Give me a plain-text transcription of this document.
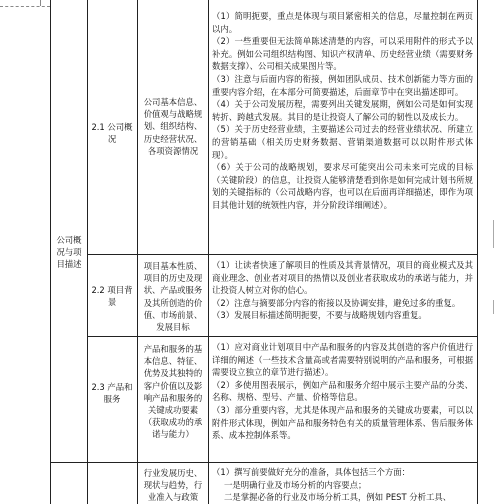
公司概况与项目描述
2.1 公司概况
2.2 项目背景
2.3 产品和服务
公司基本信息、价值观与战略规划、组织结构、历史经营状况、各项资源情况
项目基本性质、项目的历史及现状、产品或服务及其所创造的价值、市场前景、发展目标
产品和服务的基本信息、特征、优势及其独特的客户价值以及影响产品和服务的关键成功要素（获取成功的承诺与能力）
行业发展历史、现状与趋势，行业准入与政策

（1）简明扼要，重点是体现与项目紧密相关的信息，尽量控制在两页以内。

（2）一些重要但无法简单陈述清楚的内容，可以采用附件的形式予以补充。例如公司组织结构图、知识产权清单、历史经营业绩（需要财务数据支撑）、公司相关成果图片等。

（3）注意与后面内容的衔接，例如团队成员、技术创新能力等方面的重要内容介绍，在本部分可简要描述，后面章节中在突出描述即可。

（4）关于公司发展历程，需要列出关键发展期，例如公司是如何实现转折、跨越式发展。其目的是让投资人了解公司的韧性以及成长力。

（5）关于历史经营业绩，主要描述公司过去的经营业绩状况、所建立的营销基础（相关历史财务数据、营销渠道数据可以以附件形式体现）。

（6）关于公司的战略规划，要求尽可能突出公司未来可完成的目标（关键阶段）的信息，让投资人能够清楚看到你是如何完成计划书所规划的关键指标的（公司战略内容，也可以在后面再详细描述，即作为项目其他计划的统领性内容，并分阶段详细阐述）。

（1）让读者快速了解项目的性质及其背景情况，项目的商业模式及其商业理念、创业者对项目的热情以及创业者获取成功的承诺与能力，并让投资人树立对你的信心。

（2）注意与摘要部分内容的衔接以及协调安排，避免过多的重复。

（3）发展目标描述简明扼要，不要与战略规划内容重复。

（1）应对商业计划项目中产品和服务的内容及其创造的客户价值进行详细的阐述（一些技术含量高或者需要特别说明的产品和服务，可根据需要设立独立的章节进行描述）。

（2）多使用图表展示，例如产品和服务介绍中展示主要产品的分类、名称、规格、型号、产量、价格等信息。

（3）部分重要内容，尤其是体现产品和服务的关键成功要素，可以以附件形式体现，例如产品和服务特色有关的质量管理体系、售后服务体系、成本控制体系等。

（1）撰写前要做好充分的准备，具体包括三个方面：

一是明确行业及市场分析的内容要点；

二是掌握必备的行业及市场分析工具，例如 PEST 分析工具、
